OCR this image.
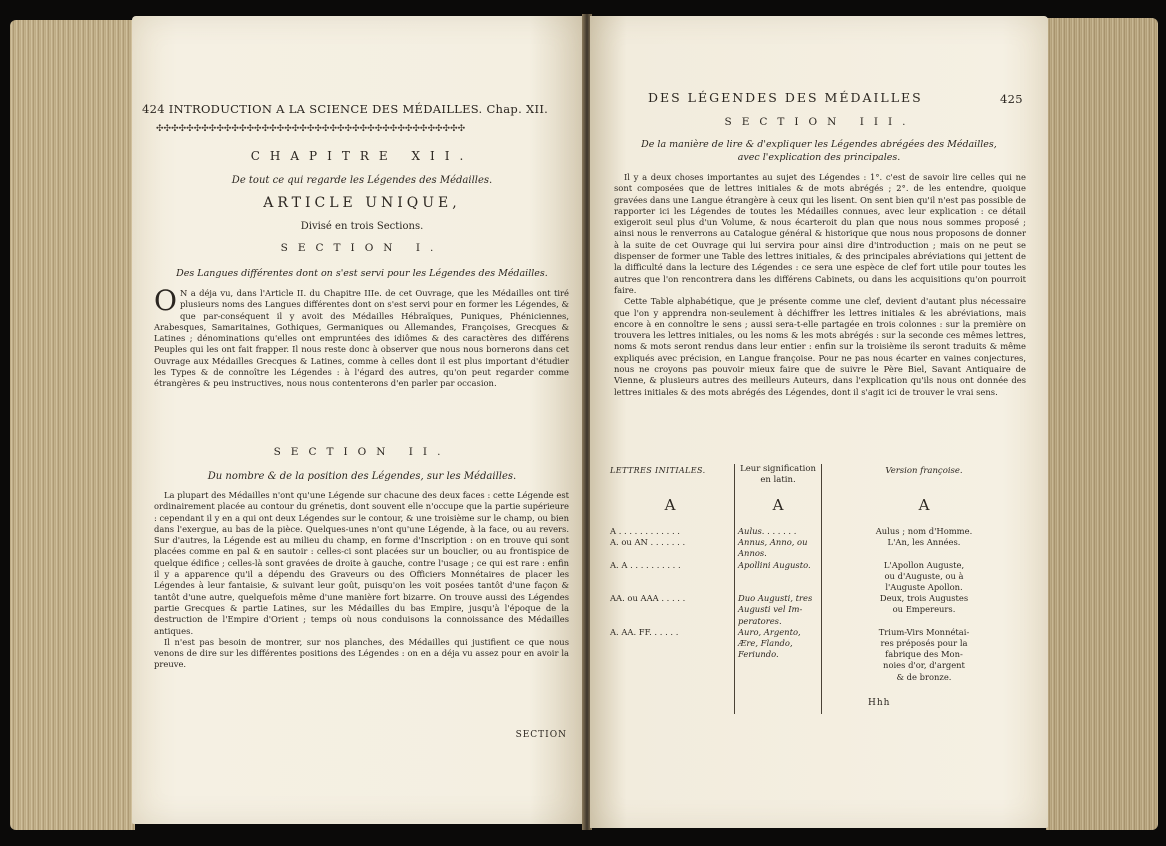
424 INTRODUCTION A LA SCIENCE DES MÉDAILLES. Chap. XII.
✣✣✣✣✣✣✣✣✣✣✣✣✣✣✣✣✣✣✣✣✣✣✣✣✣✣✣✣✣✣✣✣✣✣✣✣✣✣✣✣✣
CHAPITRE XII.
De tout ce qui regarde les Légendes des Médailles.
ARTICLE UNIQUE,
Divisé en trois Sections.
SECTION I.
Des Langues différentes dont on s'est servi pour les Légendes des Médailles.
O N a déja vu, dans l'Article II. du Chapitre IIIe. de cet Ouvrage, que les Médailles ont tiré plusieurs noms des Langues différentes dont on s'est servi pour en former les Légendes, & que par-conséquent il y avoit des Médailles Hébraïques, Puniques, Phéniciennes, Arabesques, Samaritaines, Gothiques, Germaniques ou Allemandes, Françoises, Grecques & Latines ; dénominations qu'elles ont empruntées des idiômes & des caractères des différens Peuples qui les ont fait frapper. Il nous reste donc à observer que nous nous bornerons dans cet Ouvrage aux Médailles Grecques & Latines, comme à celles dont il est plus important d'étudier les Types & de connoître les Légendes : à l'égard des autres, qu'on peut regarder comme étrangères & peu instructives, nous nous contenterons d'en parler par occasion.
SECTION II.
Du nombre & de la position des Légendes, sur les Médailles.

La plupart des Médailles n'ont qu'une Légende sur chacune des deux faces : cette Légende est ordinairement placée au contour du grénetis, dont souvent elle n'occupe que la partie supérieure : cependant il y en a qui ont deux Légendes sur le contour, & une troisième sur le champ, ou bien dans l'exergue, au bas de la pièce. Quelques-unes n'ont qu'une Légende, à la face, ou au revers. Sur d'autres, la Légende est au milieu du champ, en forme d'Inscription : on en trouve qui sont placées comme en pal & en sautoir : celles-ci sont placées sur un bouclier, ou au frontispice de quelque édifice ; celles-là sont gravées de droite à gauche, contre l'usage ; ce qui est rare : enfin il y a apparence qu'il a dépendu des Graveurs ou des Officiers Monnétaires de placer les Légendes à leur fantaisie, & suivant leur goût, puisqu'on les voit posées tantôt d'une façon & tantôt d'une autre, quelquefois même d'une manière fort bizarre. On trouve aussi des Légendes partie Grecques & partie Latines, sur les Médailles du bas Empire, jusqu'à l'époque de la destruction de l'Empire d'Orient ; temps où nous conduisons la connoissance des Médailles antiques.

Il n'est pas besoin de montrer, sur nos planches, des Médailles qui justifient ce que nous venons de dire sur les différentes positions des Légendes : on en a déja vu assez pour en avoir la preuve.

SECTION
DES LÉGENDES DES MÉDAILLES	425
SECTION III.
De la manière de lire & d'expliquer les Légendes abrégées des Médailles,
avec l'explication des principales.

Il y a deux choses importantes au sujet des Légendes : 1°. c'est de savoir lire celles qui ne sont composées que de lettres initiales & de mots abrégés ; 2°. de les entendre, quoique gravées dans une Langue étrangère à ceux qui les lisent. On sent bien qu'il n'est pas possible de rapporter ici les Légendes de toutes les Médailles connues, avec leur explication : ce détail exigeroit seul plus d'un Volume, & nous écarteroit du plan que nous nous sommes proposé ; ainsi nous le renverrons au Catalogue général & historique que nous nous proposons de donner à la suite de cet Ouvrage qui lui servira pour ainsi dire d'introduction ; mais on ne peut se dispenser de former une Table des lettres initiales, & des principales abréviations qui jettent de la difficulté dans la lecture des Légendes : ce sera une espèce de clef fort utile pour toutes les autres que l'on rencontrera dans les différens Cabinets, ou dans les acquisitions qu'on pourroit faire.

Cette Table alphabétique, que je présente comme une clef, devient d'autant plus nécessaire que l'on y apprendra non-seulement à déchiffrer les lettres initiales & les abréviations, mais encore à en connoître le sens ; aussi sera-t-elle partagée en trois colonnes : sur la première on trouvera les lettres initiales, ou les noms & les mots abrégés : sur la seconde ces mêmes lettres, noms & mots seront rendus dans leur entier : enfin sur la troisième ils seront traduits & même expliqués avec précision, en Langue françoise. Pour ne pas nous écarter en vaines conjectures, nous ne croyons pas pouvoir mieux faire que de suivre le Père Biel, Savant Antiquaire de Vienne, & plusieurs autres des meilleurs Auteurs, dans l'explication qu'ils nous ont donnée des lettres initiales & des mots abrégés des Légendes, dont il s'agit ici de trouver le vrai sens.

LETTRES INITIALES.	Leur signification
en latin.
Version françoise.
A	A	A
A . . . . . . . . . . . .	Aulus. . . . . . .	Aulus ; nom d'Homme.
A. ou AN . . . . . . .	Annus, Anno, ou	L'An, les Années.
Annos.
A. A . . . . . . . . . .	Apollini Augusto.	L'Apollon Auguste,
ou d'Auguste, ou à
l'Auguste Apollon.
AA. ou AAA . . . . .	Duo Augusti, tres	Deux, trois Augustes
Augusti vel Im-	ou Empereurs.
peratores.
A. AA. FF. . . . . .	Auro, Argento,	Trium-Virs Monnétai-
Ære, Flando,	res préposés pour la
Feriundo.	fabrique des Mon-
noies d'or, d'argent
& de bronze.
Hhh
